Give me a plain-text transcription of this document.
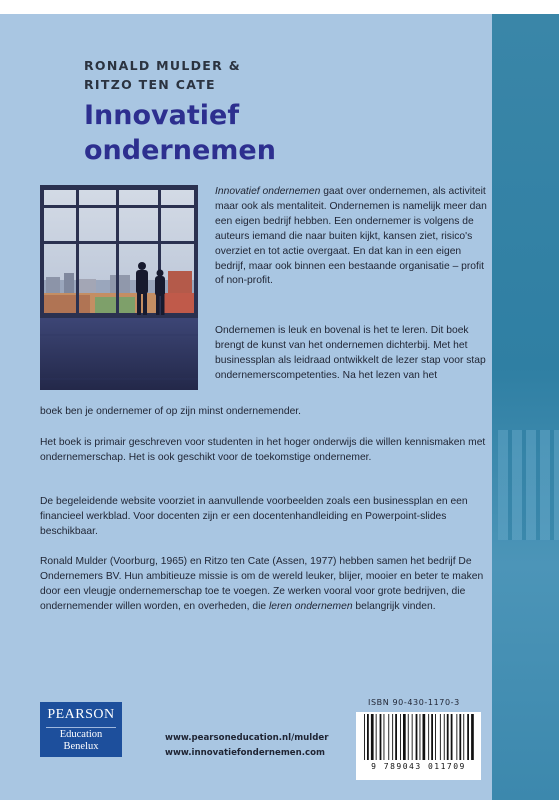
RONALD MULDER &
RITZO TEN CATE
Innovatief
ondernemen

Innovatief ondernemen gaat over ondernemen, als activiteit maar ook als mentaliteit. Ondernemen is namelijk meer dan een eigen bedrijf hebben. Een ondernemer is volgens de auteurs iemand die naar buiten kijkt, kansen ziet, risico's overziet en tot actie overgaat. En dat kan in een eigen bedrijf, maar ook binnen een bestaande organisatie – profit of non-profit.

Ondernemen is leuk en bovenal is het te leren. Dit boek brengt de kunst van het ondernemen dichterbij. Met het businessplan als leidraad ontwikkelt de lezer stap voor stap ondernemerscompetenties. Na het lezen van het

boek ben je ondernemer of op zijn minst ondernemender.

Het boek is primair geschreven voor studenten in het hoger onderwijs die willen kennismaken met ondernemerschap. Het is ook geschikt voor de toekomstige ondernemer.

De begeleidende website voorziet in aanvullende voorbeelden zoals een businessplan en een financieel werkblad. Voor docenten zijn er een docentenhandleiding en Powerpoint-slides beschikbaar.

Ronald Mulder (Voorburg, 1965) en Ritzo ten Cate (Assen, 1977) hebben samen het bedrijf De Ondernemers BV. Hun ambitieuze missie is om de wereld leuker, blijer, mooier en beter te maken door een vleugje ondernemerschap toe te voegen. Ze werken vooral voor grote bedrijven, die ondernemender willen worden, en overheden, die leren ondernemen belangrijk vinden.

PEARSON
Education
Benelux
www.pearsoneducation.nl/mulder
www.innovatiefondernemen.com
ISBN 90-430-1170-3
9 789043 011709
